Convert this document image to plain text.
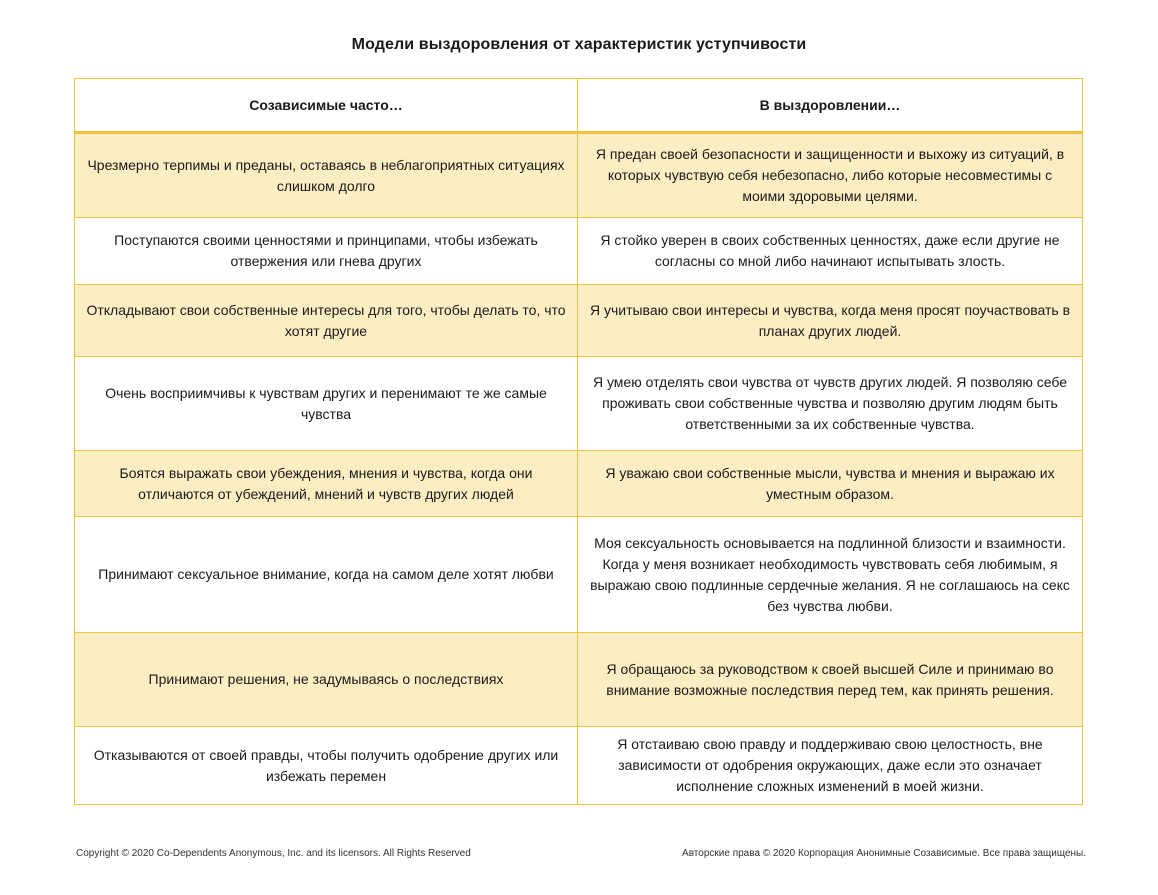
Модели выздоровления от характеристик уступчивости
Созависимые часто…	В выздоровлении…
Чрезмерно терпимы и преданы, оставаясь в неблагоприятных ситуациях слишком долго	Я предан своей безопасности и защищенности и выхожу из ситуаций, в которых чувствую себя небезопасно, либо которые несовместимы с моими здоровыми целями.
Поступаются своими ценностями и принципами, чтобы избежать отвержения или гнева других	Я стойко уверен в своих собственных ценностях, даже если другие не согласны со мной либо начинают испытывать злость.
Откладывают свои собственные интересы для того, чтобы делать то, что хотят другие	Я учитываю свои интересы и чувства, когда меня просят поучаствовать в планах других людей.
Очень восприимчивы к чувствам других и перенимают те же самые чувства	Я умею отделять свои чувства от чувств других людей. Я позволяю себе проживать свои собственные чувства и позволяю другим людям быть ответственными за их собственные чувства.
Боятся выражать свои убеждения, мнения и чувства, когда они отличаются от убеждений, мнений и чувств других людей	Я уважаю свои собственные мысли, чувства и мнения и выражаю их уместным образом.
Принимают сексуальное внимание, когда на самом деле хотят любви	Моя сексуальность основывается на подлинной близости и взаимности. Когда у меня возникает необходимость чувствовать себя любимым, я выражаю свою подлинные сердечные желания. Я не соглашаюсь на секс без чувства любви.
Принимают решения, не задумываясь о последствиях	Я обращаюсь за руководством к своей высшей Силе и принимаю во внимание возможные последствия перед тем, как принять решения.
Отказываются от своей правды, чтобы получить одобрение других или избежать перемен	Я отстаиваю свою правду и поддерживаю свою целостность, вне зависимости от одобрения окружающих, даже если это означает исполнение сложных изменений в моей жизни.
Copyright © 2020 Co-Dependents Anonymous, Inc. and its licensors. All Rights Reserved	Авторские права © 2020 Корпорация Анонимные Созависимые. Все права защищены.
